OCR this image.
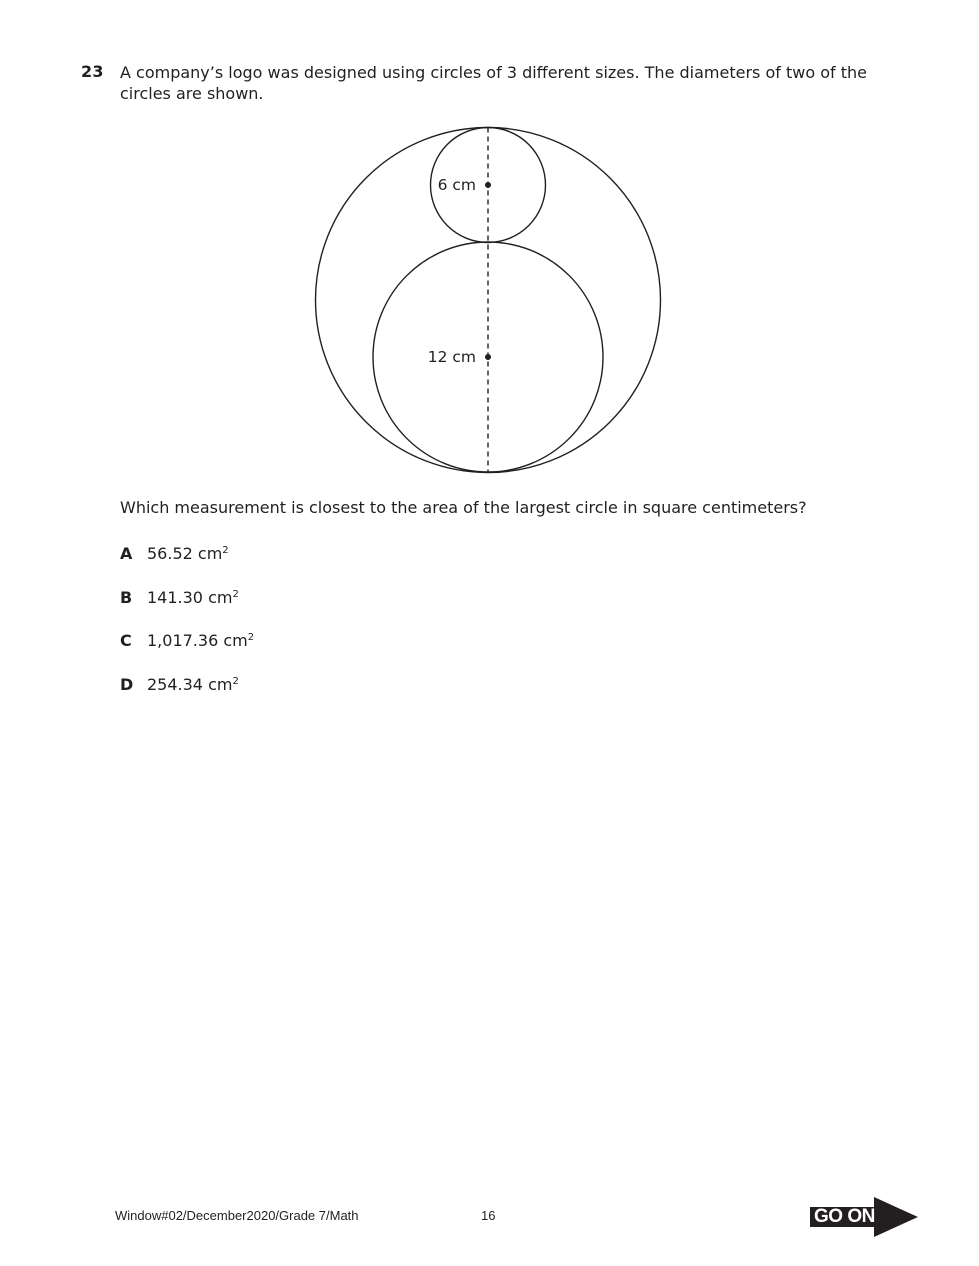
23 A company’s logo was designed using circles of 3 different sizes. The diameters of two of the circles are shown.
6 cm
12 cm
Which measurement is closest to the area of the largest circle in square centimeters?
A 56.52 $cm^2$
B 141.30 $cm^2$
C 1,017.36 $cm^2$
D 254.34 $cm^2$
Window#02/December2020/Grade 7/Math	16	GO ON
